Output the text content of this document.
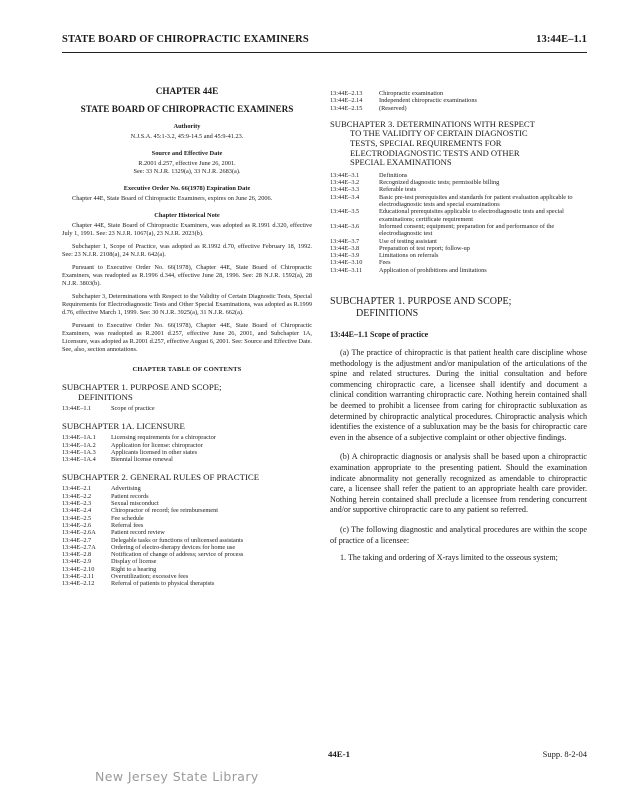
STATE BOARD OF CHIROPRACTIC EXAMINERS	13:44E–1.1
CHAPTER 44E
STATE BOARD OF CHIROPRACTIC EXAMINERS
Authority
N.J.S.A. 45:1-3.2, 45:9-14.5 and 45:9-41.23.
Source and Effective Date
R.2001 d.257, effective June 26, 2001.
See: 33 N.J.R. 1329(a), 33 N.J.R. 2683(a).
Executive Order No. 66(1978) Expiration Date

Chapter 44E, State Board of Chiropractic Examiners, expires on June 26, 2006.

Chapter Historical Note

Chapter 44E, State Board of Chiropractic Examiners, was adopted as R.1991 d.320, effective July 1, 1991. See: 23 N.J.R. 1067(a), 23 N.J.R. 2023(b).

Subchapter 1, Scope of Practice, was adopted as R.1992 d.70, effective February 18, 1992. See: 23 N.J.R. 2108(a), 24 N.J.R. 642(a).

Pursuant to Executive Order No. 66(1978), Chapter 44E, State Board of Chiropractic Examiners, was readopted as R.1996 d.344, effective June 28, 1996. See: 28 N.J.R. 1592(a), 28 N.J.R. 3803(b).

Subchapter 3, Determinations with Respect to the Validity of Certain Diagnostic Tests, Special Requirements for Electrodiagnostic Tests and Other Special Examinations, was adopted as R.1999 d.76, effective March 1, 1999. See: 30 N.J.R. 3925(a), 31 N.J.R. 662(a).

Pursuant to Executive Order No. 66(1978), Chapter 44E, State Board of Chiropractic Examiners, was readopted as R.2001 d.257, effective June 26, 2001, and Subchapter 1A, Licensure, was adopted as R.2001 d.257, effective August 6, 2001. See: Source and Effective Date. See, also, section annotations.

CHAPTER TABLE OF CONTENTS
SUBCHAPTER 1. PURPOSE AND SCOPE;
DEFINITIONS
13:44E–1.1	Scope of practice
SUBCHAPTER 1A. LICENSURE
13:44E–1A.1	Licensing requirements for a chiropractor
13:44E–1A.2	Application for license: chiropractor
13:44E–1A.3	Applicants licensed in other states
13:44E–1A.4	Biennial license renewal
SUBCHAPTER 2. GENERAL RULES OF PRACTICE
13:44E–2.1	Advertising
13:44E–2.2	Patient records
13:44E–2.3	Sexual misconduct
13:44E–2.4	Chiropractor of record; fee reimbursement
13:44E–2.5	Fee schedule
13:44E–2.6	Referral fees
13:44E–2.6A	Patient record review
13:44E–2.7	Delegable tasks or functions of unlicensed assistants
13:44E–2.7A	Ordering of electro-therapy devices for home use
13:44E–2.8	Notification of change of address; service of process
13:44E–2.9	Display of license
13:44E–2.10	Right to a hearing
13:44E–2.11	Overutilization; excessive fees
13:44E–2.12	Referral of patients to physical therapists
13:44E–2.13	Chiropractic examination
13:44E–2.14	Independent chiropractic examinations
13:44E–2.15	(Reserved)
SUBCHAPTER 3. DETERMINATIONS WITH RESPECT
TO THE VALIDITY OF CERTAIN DIAGNOSTIC
TESTS, SPECIAL REQUIREMENTS FOR
ELECTRODIAGNOSTIC TESTS AND OTHER
SPECIAL EXAMINATIONS
13:44E–3.1	Definitions
13:44E–3.2	Recognized diagnostic tests; permissible billing
13:44E–3.3	Referable tests
13:44E–3.4	Basic pre-test prerequisites and standards for patient evaluation applicable to electrodiagnostic tests and special examinations
13:44E–3.5	Educational prerequisites applicable to electrodiagnostic tests and special examinations; certificate requirement
13:44E–3.6	Informed consent; equipment; preparation for and performance of the electrodiagnostic test
13:44E–3.7	Use of testing assistant
13:44E–3.8	Preparation of test report; follow-up
13:44E–3.9	Limitations on referrals
13:44E–3.10	Fees
13:44E–3.11	Application of prohibitions and limitations
SUBCHAPTER 1. PURPOSE AND SCOPE;
DEFINITIONS
13:44E–1.1 Scope of practice

(a) The practice of chiropractic is that patient health care discipline whose methodology is the adjustment and/or manipulation of the articulations of the spine and related structures. During the initial consultation and before commencing chiropractic care, a licensee shall identify and document a clinical condition warranting chiropractic care. Nothing herein contained shall be deemed to prohibit a licensee from caring for chiropractic subluxation as determined by chiropractic analytical procedures. Chiropractic analysis which identifies the existence of a subluxation may be the basis for chiropractic care even in the absence of a subjective complaint or other objective findings.

(b) A chiropractic diagnosis or analysis shall be based upon a chiropractic examination appropriate to the presenting patient. Should the examination indicate abnormality not generally recognized as amendable to chiropractic care, a licensee shall refer the patient to an appropriate health care provider. Nothing herein contained shall preclude a licensee from rendering concurrent and/or supportive chiropractic care to any patient so referred.

(c) The following diagnostic and analytical procedures are within the scope of practice of a licensee:

1. The taking and ordering of X-rays limited to the osseous system;
44E-1	Supp. 8-2-04
New Jersey State Library
